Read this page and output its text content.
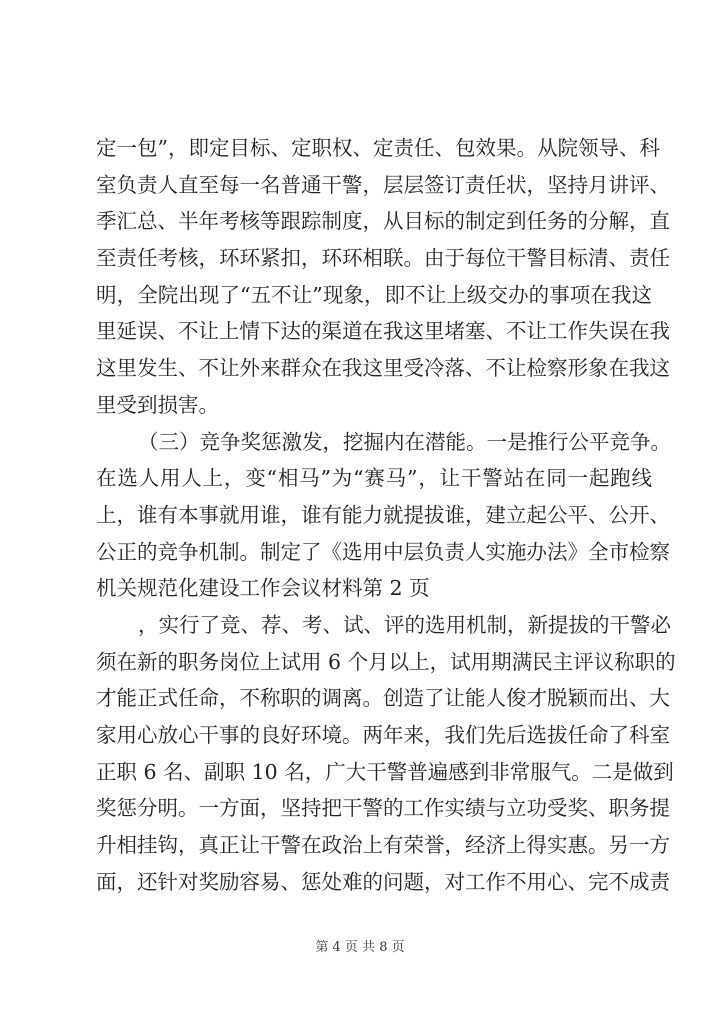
定一包”，即定目标、定职权、定责任、包效果。从院领导、科
室负责人直至每一名普通干警，层层签订责任状，坚持月讲评、
季汇总、半年考核等跟踪制度，从目标的制定到任务的分解，直
至责任考核，环环紧扣，环环相联。由于每位干警目标清、责任
明，全院出现了“五不让”现象，即不让上级交办的事项在我这
里延误、不让上情下达的渠道在我这里堵塞、不让工作失误在我
这里发生、不让外来群众在我这里受冷落、不让检察形象在我这
里受到损害。
（三）竞争奖惩激发，挖掘内在潜能。一是推行公平竞争。
在选人用人上，变“相马”为“赛马”，让干警站在同一起跑线
上，谁有本事就用谁，谁有能力就提拔谁，建立起公平、公开、
公正的竞争机制。制定了《选用中层负责人实施办法》全市检察
机关规范化建设工作会议材料第 2 页
，实行了竞、荐、考、试、评的选用机制，新提拔的干警必
须在新的职务岗位上试用 6 个月以上，试用期满民主评议称职的
才能正式任命，不称职的调离。创造了让能人俊才脱颖而出、大
家用心放心干事的良好环境。两年来，我们先后选拔任命了科室
正职 6 名、副职 10 名，广大干警普遍感到非常服气。二是做到
奖惩分明。一方面，坚持把干警的工作实绩与立功受奖、职务提
升相挂钩，真正让干警在政治上有荣誉，经济上得实惠。另一方
面，还针对奖励容易、惩处难的问题，对工作不用心、完不成责
第 4 页 共 8 页
